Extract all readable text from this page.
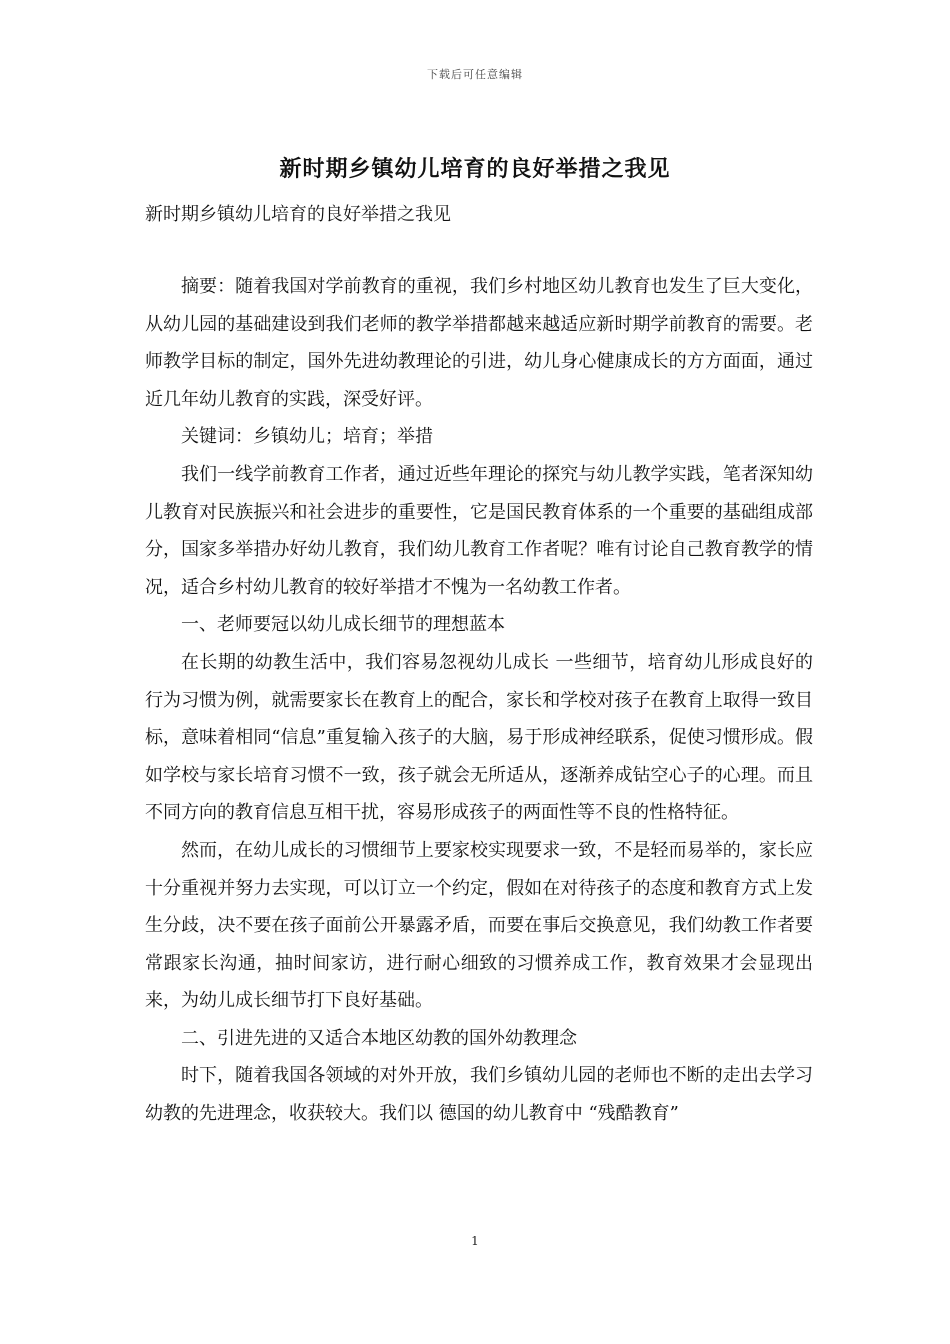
下载后可任意编辑
新时期乡镇幼儿培育的良好举措之我见
新时期乡镇幼儿培育的良好举措之我见

摘要：随着我国对学前教育的重视，我们乡村地区幼儿教育也发生了巨大变化，从幼儿园的基础建设到我们老师的教学举措都越来越适应新时期学前教育的需要。老师教学目标的制定，国外先进幼教理论的引进，幼儿身心健康成长的方方面面，通过近几年幼儿教育的实践，深受好评。

关键词：乡镇幼儿；培育；举措

我们一线学前教育工作者，通过近些年理论的探究与幼儿教学实践，笔者深知幼儿教育对民族振兴和社会进步的重要性，它是国民教育体系的一个重要的基础组成部分，国家多举措办好幼儿教育，我们幼儿教育工作者呢？唯有讨论自己教育教学的情况，适合乡村幼儿教育的较好举措才不愧为一名幼教工作者。

一、老师要冠以幼儿成长细节的理想蓝本

在长期的幼教生活中，我们容易忽视幼儿成长 一些细节，培育幼儿形成良好的行为习惯为例，就需要家长在教育上的配合，家长和学校对孩子在教育上取得一致目标，意味着相同“信息”重复输入孩子的大脑，易于形成神经联系，促使习惯形成。假如学校与家长培育习惯不一致，孩子就会无所适从，逐渐养成钻空心子的心理。而且不同方向的教育信息互相干扰，容易形成孩子的两面性等不良的性格特征。

然而，在幼儿成长的习惯细节上要家校实现要求一致，不是轻而易举的，家长应十分重视并努力去实现，可以订立一个约定，假如在对待孩子的态度和教育方式上发生分歧，决不要在孩子面前公开暴露矛盾，而要在事后交换意见，我们幼教工作者要常跟家长沟通，抽时间家访，进行耐心细致的习惯养成工作，教育效果才会显现出来，为幼儿成长细节打下良好基础。

二、引进先进的又适合本地区幼教的国外幼教理念

时下，随着我国各领域的对外开放，我们乡镇幼儿园的老师也不断的走出去学习幼教的先进理念，收获较大。我们以 德国的幼儿教育中 “残酷教育”

1
